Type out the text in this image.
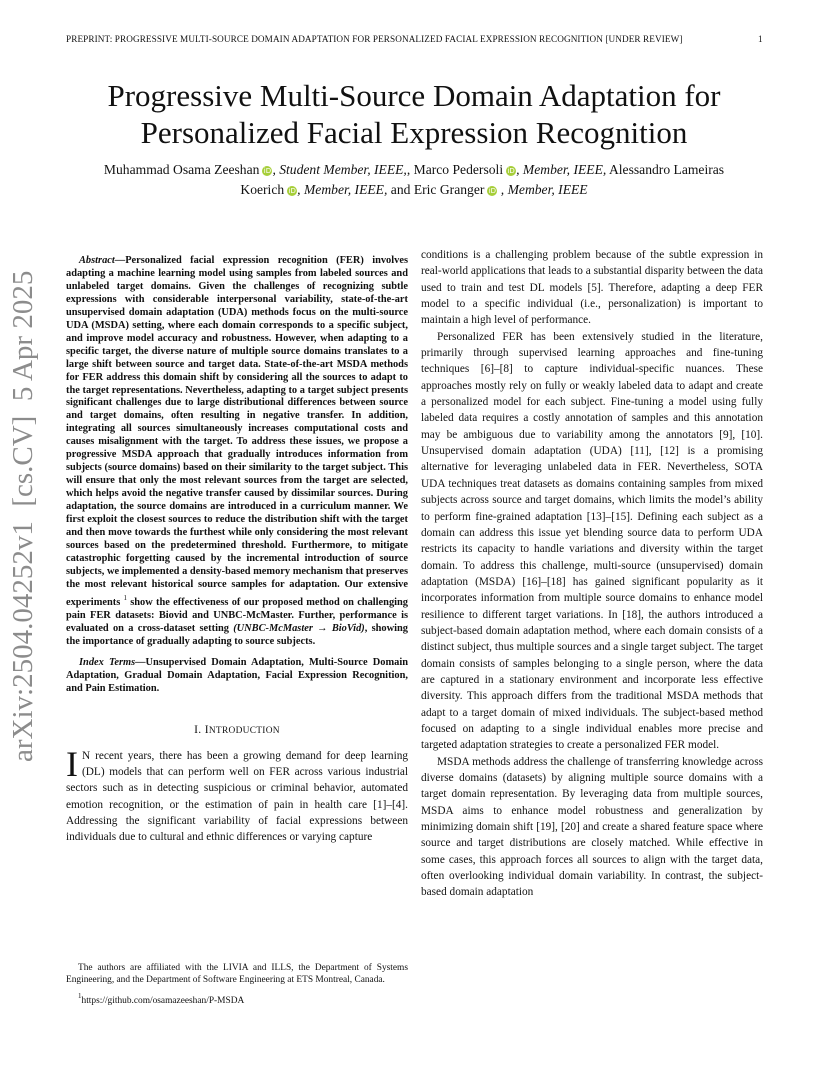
PREPRINT: PROGRESSIVE MULTI-SOURCE DOMAIN ADAPTATION FOR PERSONALIZED FACIAL EXPRESSION RECOGNITION [UNDER REVIEW]	1
Progressive Multi-Source Domain Adaptation for
Personalized Facial Expression Recognition
Muhammad Osama Zeeshan iD, Student Member, IEEE,, Marco Pedersoli iD, Member, IEEE, Alessandro Lameiras
Koerich iD, Member, IEEE, and Eric Granger iD , Member, IEEE
arXiv:2504.04252v1  [cs.CV]  5 Apr 2025

Abstract—Personalized facial expression recognition (FER) involves adapting a machine learning model using samples from labeled sources and unlabeled target domains. Given the challenges of recognizing subtle expressions with considerable interpersonal variability, state-of-the-art unsupervised domain adaptation (UDA) methods focus on the multi-source UDA (MSDA) setting, where each domain corresponds to a specific subject, and improve model accuracy and robustness. However, when adapting to a specific target, the diverse nature of multiple source domains translates to a large shift between source and target data. State-of-the-art MSDA methods for FER address this domain shift by considering all the sources to adapt to the target representations. Nevertheless, adapting to a target subject presents significant challenges due to large distributional differences between source and target domains, often resulting in negative transfer. In addition, integrating all sources simultaneously increases computational costs and causes misalignment with the target. To address these issues, we propose a progressive MSDA approach that gradually introduces information from subjects (source domains) based on their similarity to the target subject. This will ensure that only the most relevant sources from the target are selected, which helps avoid the negative transfer caused by dissimilar sources. During adaptation, the source domains are introduced in a curriculum manner. We first exploit the closest sources to reduce the distribution shift with the target and then move towards the furthest while only considering the most relevant sources based on the predetermined threshold. Furthermore, to mitigate catastrophic forgetting caused by the incremental introduction of source subjects, we implemented a density-based memory mechanism that preserves the most relevant historical source samples for adaptation. Our extensive experiments $^1$ show the effectiveness of our proposed method on challenging pain FER datasets: Biovid and UNBC-McMaster. Further, performance is evaluated on a cross-dataset setting (UNBC-McMaster → BioVid), showing the importance of gradually adapting to source subjects.

Index Terms—Unsupervised Domain Adaptation, Multi-Source Domain Adaptation, Gradual Domain Adaptation, Facial Expression Recognition, and Pain Estimation.

I. INTRODUCTION

I N recent years, there has been a growing demand for deep learning (DL) models that can perform well on FER across various industrial sectors such as in detecting suspicious or criminal behavior, automated emotion recognition, or the estimation of pain in health care [1]–[4]. Addressing the significant variability of facial expressions between individuals due to cultural and ethnic differences or varying capture

The authors are affiliated with the LIVIA and ILLS, the Department of Systems Engineering, and the Department of Software Engineering at ETS Montreal, Canada.

$^1$https://github.com/osamazeeshan/P-MSDA

conditions is a challenging problem because of the subtle expression in real-world applications that leads to a substantial disparity between the data used to train and test DL models [5]. Therefore, adapting a deep FER model to a specific individual (i.e., personalization) is important to maintain a high level of performance.

Personalized FER has been extensively studied in the literature, primarily through supervised learning approaches and fine-tuning techniques [6]–[8] to capture individual-specific nuances. These approaches mostly rely on fully or weakly labeled data to adapt and create a personalized model for each subject. Fine-tuning a model using fully labeled data requires a costly annotation of samples and this annotation may be ambiguous due to variability among the annotators [9], [10]. Unsupervised domain adaptation (UDA) [11], [12] is a promising alternative for leveraging unlabeled data in FER. Nevertheless, SOTA UDA techniques treat datasets as domains containing samples from mixed subjects across source and target domains, which limits the model’s ability to perform fine-grained adaptation [13]–[15]. Defining each subject as a domain can address this issue yet blending source data to perform UDA restricts its capacity to handle variations and diversity within the target domain. To address this challenge, multi-source (unsupervised) domain adaptation (MSDA) [16]–[18] has gained significant popularity as it incorporates information from multiple source domains to enhance model resilience to different target variations. In [18], the authors introduced a subject-based domain adaptation method, where each domain consists of a distinct subject, thus multiple sources and a single target subject. The target domain consists of samples belonging to a single person, where the data are captured in a stationary environment and incorporate less effective diversity. This approach differs from the traditional MSDA methods that adapt to a target domain of mixed individuals. The subject-based method focused on adapting to a single individual enables more precise and targeted adaptation strategies to create a personalized FER model.

MSDA methods address the challenge of transferring knowledge across diverse domains (datasets) by aligning multiple source domains with a target domain representation. By leveraging data from multiple sources, MSDA aims to enhance model robustness and generalization by minimizing domain shift [19], [20] and create a shared feature space where source and target distributions are closely matched. While effective in some cases, this approach forces all sources to align with the target data, often overlooking individual domain variability. In contrast, the subject-based domain adaptation
